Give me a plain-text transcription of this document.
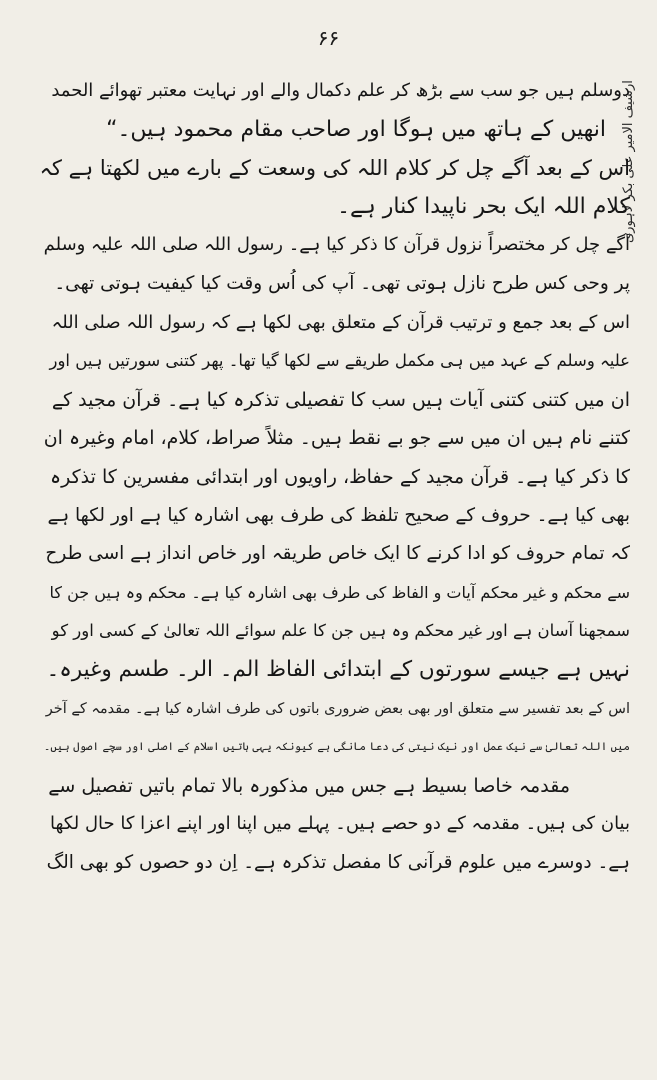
۶۶
ارشیف الامیر علی بکر لاہوری
دوسلم ہیں جو سب سے بڑھ کر علم دکمال والے اور نہایت معتبر تھوائے الحمد
انھیں کے ہاتھ میں ہوگا اور صاحب مقام محمود ہیں۔“
اس کے بعد آگے چل کر کلام اللہ کی وسعت کے بارے میں لکھتا ہے کہ
کلام اللہ ایک بحر ناپیدا کنار ہے۔
آگے چل کر مختصراً نزول قرآن کا ذکر کیا ہے۔ رسول اللہ صلی اللہ علیہ وسلم
پر وحی کس طرح نازل ہوتی تھی۔ آپ کی اُس وقت کیا کیفیت ہوتی تھی۔
اس کے بعد جمع و ترتیب قرآن کے متعلق بھی لکھا ہے کہ رسول اللہ صلی اللہ
علیہ وسلم کے عہد میں ہی مکمل طریقے سے لکھا گیا تھا۔ پھر کتنی سورتیں ہیں اور
ان میں کتنی کتنی آیات ہیں سب کا تفصیلی تذکرہ کیا ہے۔ قرآن مجید کے
کتنے نام ہیں ان میں سے جو بے نقط ہیں۔ مثلاً صراط، کلام، امام وغیرہ ان
کا ذکر کیا ہے۔ قرآن مجید کے حفاظ، راویوں اور ابتدائی مفسرین کا تذکرہ
بھی کیا ہے۔ حروف کے صحیح تلفظ کی طرف بھی اشارہ کیا ہے اور لکھا ہے
کہ تمام حروف کو ادا کرنے کا ایک خاص طریقہ اور خاص انداز ہے اسی طرح
سے محکم و غیر محکم آیات و الفاظ کی طرف بھی اشارہ کیا ہے۔ محکم وہ ہیں جن کا
سمجھنا آسان ہے اور غیر محکم وہ ہیں جن کا علم سوائے اللہ تعالیٰ کے کسی اور کو
نہیں ہے جیسے سورتوں کے ابتدائی الفاظ الم۔ الر۔ طسم وغیرہ۔
اس کے بعد تفسیر سے متعلق اور بھی بعض ضروری باتوں کی طرف اشارہ کیا ہے۔ مقدمہ کے آخر
میں اللہ تعالیٰ سے نیک عمل اور نیک نیتی کی دعا مانگی ہے کیونکہ یہی باتیں اسلام کے اصلی اور سچے اصول ہیں۔
مقدمہ خاصا بسیط ہے جس میں مذکورہ بالا تمام باتیں تفصیل سے
بیان کی ہیں۔ مقدمہ کے دو حصے ہیں۔ پہلے میں اپنا اور اپنے اعزا کا حال لکھا
ہے۔ دوسرے میں علوم قرآنی کا مفصل تذکرہ ہے۔ اِن دو حصوں کو بھی الگ
